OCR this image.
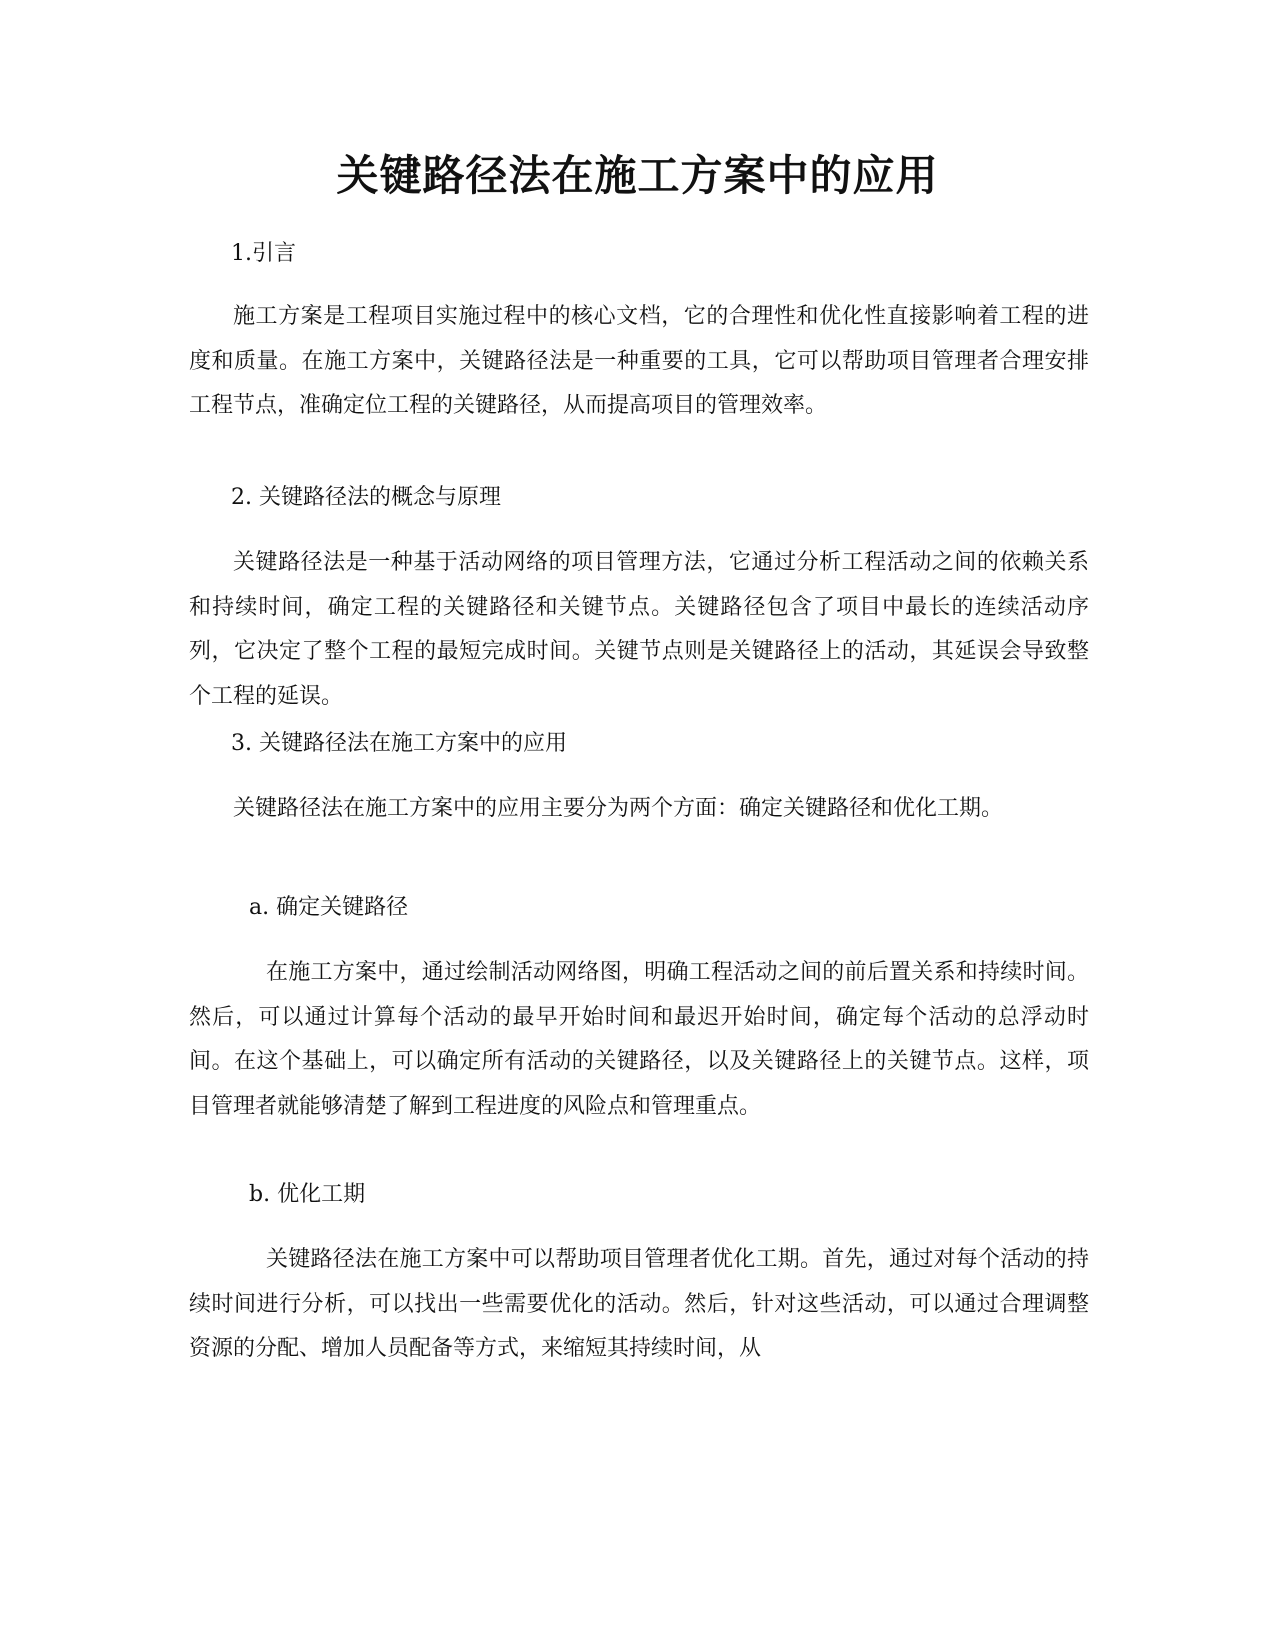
关键路径法在施工方案中的应用

1.引言

施工方案是工程项目实施过程中的核心文档，它的合理性和优化性直接影响着工程的进度和质量。在施工方案中，关键路径法是一种重要的工具，它可以帮助项目管理者合理安排工程节点，准确定位工程的关键路径，从而提高项目的管理效率。

2. 关键路径法的概念与原理

关键路径法是一种基于活动网络的项目管理方法，它通过分析工程活动之间的依赖关系和持续时间，确定工程的关键路径和关键节点。关键路径包含了项目中最长的连续活动序列，它决定了整个工程的最短完成时间。关键节点则是关键路径上的活动，其延误会导致整个工程的延误。

3. 关键路径法在施工方案中的应用

关键路径法在施工方案中的应用主要分为两个方面：确定关键路径和优化工期。

a. 确定关键路径

在施工方案中，通过绘制活动网络图，明确工程活动之间的前后置关系和持续时间。然后，可以通过计算每个活动的最早开始时间和最迟开始时间，确定每个活动的总浮动时间。在这个基础上，可以确定所有活动的关键路径，以及关键路径上的关键节点。这样，项目管理者就能够清楚了解到工程进度的风险点和管理重点。

b. 优化工期

关键路径法在施工方案中可以帮助项目管理者优化工期。首先，通过对每个活动的持续时间进行分析，可以找出一些需要优化的活动。然后，针对这些活动，可以通过合理调整资源的分配、增加人员配备等方式，来缩短其持续时间，从
